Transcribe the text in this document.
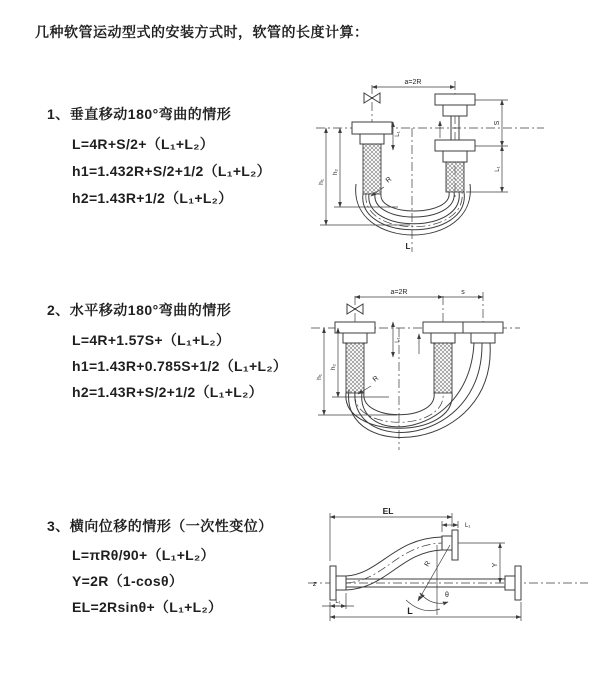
几种软管运动型式的安装方式时，软管的长度计算：
1、垂直移动180°弯曲的情形
L=4R+S/2+（L₁+L₂）
h1=1.432R+S/2+1/2（L₁+L₂）
h2=1.43R+1/2（L₁+L₂）
2、水平移动180°弯曲的情形
L=4R+1.57S+（L₁+L₂）
h1=1.43R+0.785S+1/2（L₁+L₂）
h2=1.43R+S/2+1/2（L₁+L₂）
3、横向位移的情形（一次性变位）
L=πRθ/90+（L₁+L₂）
Y=2R（1-cosθ）
EL=2Rsinθ+（L₁+L₂）
a=2R
L₁
S
L₁
h₁
h₂
R
L
a=2R	s
L₁
h₁
h₂
R
z
EL
L₁
Y
L
L₁
R
θ
